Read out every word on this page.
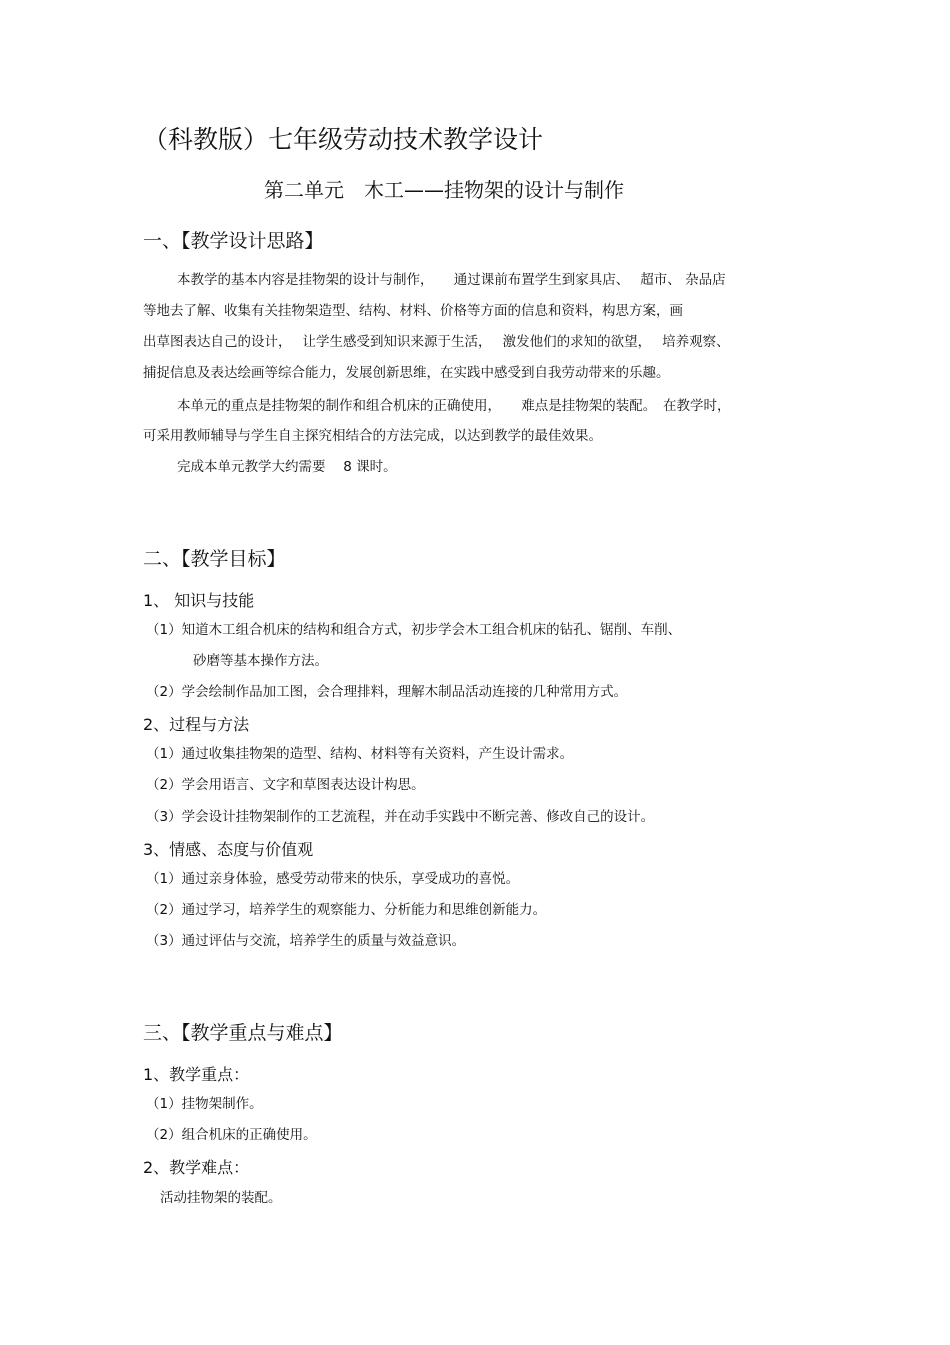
（科教版）七年级劳动技术教学设计
第二单元　木工——挂物架的设计与制作
一、【教学设计思路】
本教学的基本内容是挂物架的设计与制作，　　通过课前布置学生到家具店、　 超市、 杂品店
等地去了解、收集有关挂物架造型、结构、材料、价格等方面的信息和资料，构思方案，画
出草图表达自己的设计，　 让学生感受到知识来源于生活，　 激发他们的求知的欲望，　 培养观察、
捕捉信息及表达绘画等综合能力，发展创新思维，在实践中感受到自我劳动带来的乐趣。
本单元的重点是挂物架的制作和组合机床的正确使用，　　难点是挂物架的装配。　在教学时，
可采用教师辅导与学生自主探究相结合的方法完成，以达到教学的最佳效果。
完成本单元教学大约需要　 8 课时。
二、【教学目标】
1、 知识与技能
（1）知道木工组合机床的结构和组合方式，初步学会木工组合机床的钻孔、锯削、车削、
砂磨等基本操作方法。
（2）学会绘制作品加工图，会合理排料，理解木制品活动连接的几种常用方式。
2、过程与方法
（1）通过收集挂物架的造型、结构、材料等有关资料，产生设计需求。
（2）学会用语言、文字和草图表达设计构思。
（3）学会设计挂物架制作的工艺流程，并在动手实践中不断完善、修改自己的设计。
3、情感、态度与价值观
（1）通过亲身体验，感受劳动带来的快乐，享受成功的喜悦。
（2）通过学习，培养学生的观察能力、分析能力和思维创新能力。
（3）通过评估与交流，培养学生的质量与效益意识。
三、【教学重点与难点】
1、教学重点：
（1）挂物架制作。
（2）组合机床的正确使用。
2、教学难点：
活动挂物架的装配。
